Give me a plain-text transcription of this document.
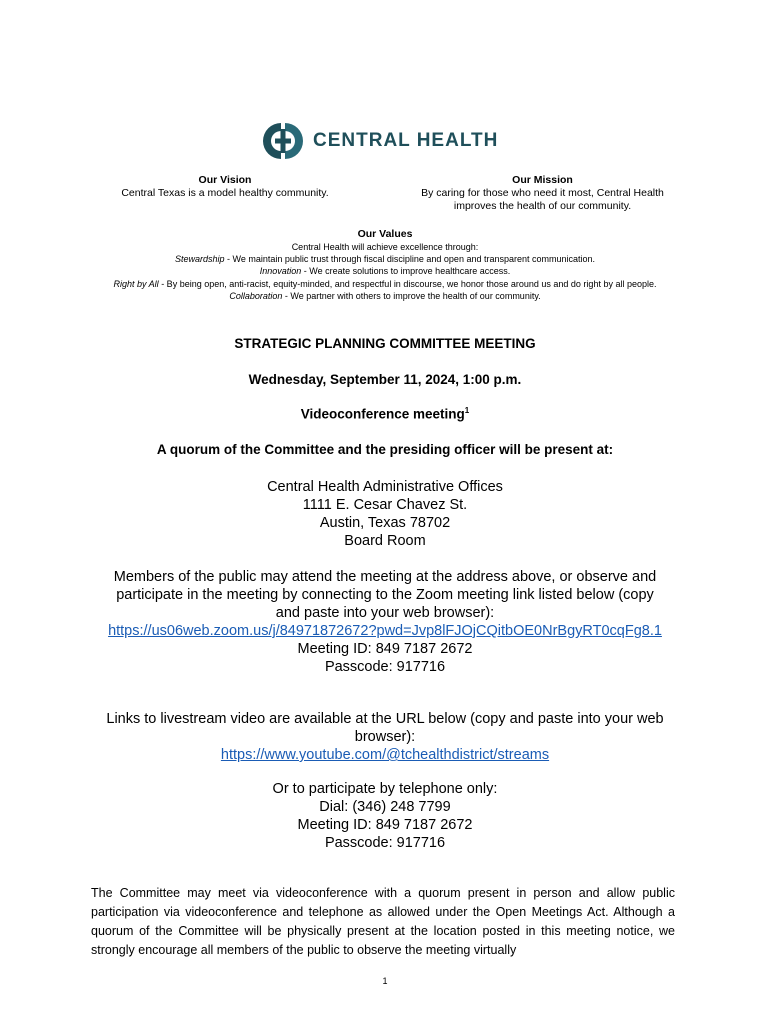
CENTRAL HEALTH
Our Vision
Central Texas is a model healthy community.
Our Mission
By caring for those who need it most, Central Health
improves the health of our community.
Our Values
Central Health will achieve excellence through:
Stewardship - We maintain public trust through fiscal discipline and open and transparent communication.
Innovation - We create solutions to improve healthcare access.
Right by All - By being open, anti-racist, equity-minded, and respectful in discourse, we honor those around us and do right by all people.
Collaboration - We partner with others to improve the health of our community.
STRATEGIC PLANNING COMMITTEE MEETING
Wednesday, September 11, 2024, 1:00 p.m.
Videoconference meeting$^1$
A quorum of the Committee and the presiding officer will be present at:
Central Health Administrative Offices
1111 E. Cesar Chavez St.
Austin, Texas 78702
Board Room
Members of the public may attend the meeting at the address above, or observe and
participate in the meeting by connecting to the Zoom meeting link listed below (copy
and paste into your web browser):
https://us06web.zoom.us/j/84971872672?pwd=Jvp8lFJOjCQitbOE0NrBgyRT0cqFg8.1
Meeting ID: 849 7187 2672
Passcode: 917716
Links to livestream video are available at the URL below (copy and paste into your web
browser):
https://www.youtube.com/@tchealthdistrict/streams
Or to participate by telephone only:
Dial: (346) 248 7799
Meeting ID: 849 7187 2672
Passcode: 917716
The Committee may meet via videoconference with a quorum present in person and allow public participation via videoconference and telephone as allowed under the Open Meetings Act. Although a quorum of the Committee will be physically present at the location posted in this meeting notice, we strongly encourage all members of the public to observe the meeting virtually
1
